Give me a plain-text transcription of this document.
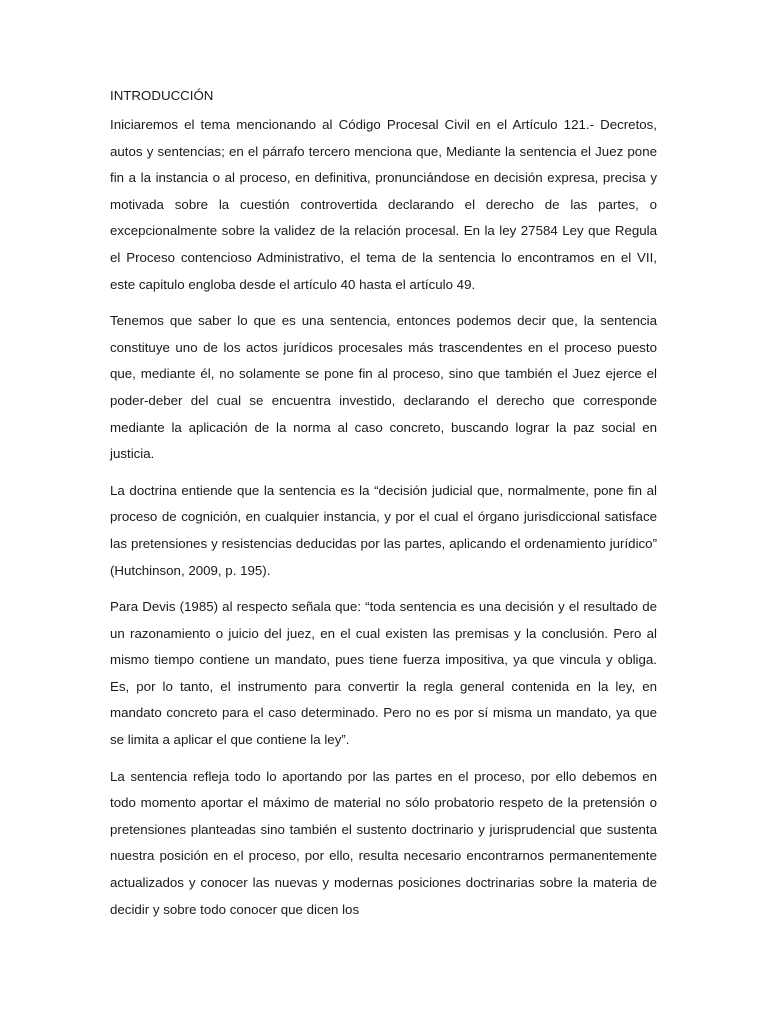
INTRODUCCIÓN

Iniciaremos el tema mencionando al Código Procesal Civil en el Artículo 121.- Decretos, autos y sentencias; en el párrafo tercero menciona que, Mediante la sentencia el Juez pone fin a la instancia o al proceso, en definitiva, pronunciándose en decisión expresa, precisa y motivada sobre la cuestión controvertida declarando el derecho de las partes, o excepcionalmente sobre la validez de la relación procesal. En la ley 27584 Ley que Regula el Proceso contencioso Administrativo, el tema de la sentencia lo encontramos en el VII, este capitulo engloba desde el artículo 40 hasta el artículo 49.

Tenemos que saber lo que es una sentencia, entonces podemos decir que, la sentencia constituye uno de los actos jurídicos procesales más trascendentes en el proceso puesto que, mediante él, no solamente se pone fin al proceso, sino que también el Juez ejerce el poder-deber del cual se encuentra investido, declarando el derecho que corresponde mediante la aplicación de la norma al caso concreto, buscando lograr la paz social en justicia.

La doctrina entiende que la sentencia es la “decisión judicial que, normalmente, pone fin al proceso de cognición, en cualquier instancia, y por el cual el órgano jurisdiccional satisface las pretensiones y resistencias deducidas por las partes, aplicando el ordenamiento jurídico” (Hutchinson, 2009, p. 195).

Para Devis (1985) al respecto señala que: “toda sentencia es una decisión y el resultado de un razonamiento o juicio del juez, en el cual existen las premisas y la conclusión. Pero al mismo tiempo contiene un mandato, pues tiene fuerza impositiva, ya que vincula y obliga. Es, por lo tanto, el instrumento para convertir la regla general contenida en la ley, en mandato concreto para el caso determinado. Pero no es por sí misma un mandato, ya que se limita a aplicar el que contiene la ley”.

La sentencia refleja todo lo aportando por las partes en el proceso, por ello debemos en todo momento aportar el máximo de material no sólo probatorio respeto de la pretensión o pretensiones planteadas sino también el sustento doctrinario y jurisprudencial que sustenta nuestra posición en el proceso, por ello, resulta necesario encontrarnos permanentemente actualizados y conocer las nuevas y modernas posiciones doctrinarias sobre la materia de decidir y sobre todo conocer que dicen los
